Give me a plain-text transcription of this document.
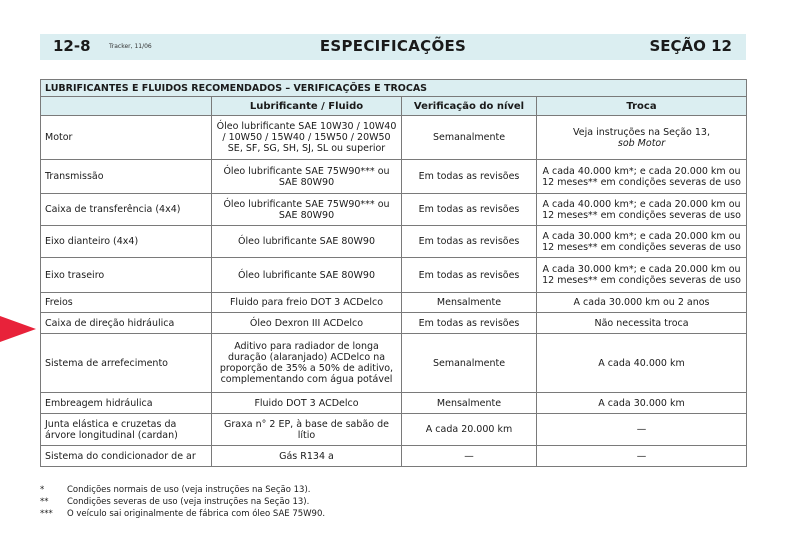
12-8	Tracker, 11/06	ESPECIFICAÇÕES	SEÇÃO 12
LUBRIFICANTES E FLUIDOS RECOMENDADOS – VERIFICAÇÕES E TROCAS			
	Lubrificante / Fluido	Verificação do nível	Troca
Motor	Óleo lubrificante SAE 10W30 / 10W40 / 10W50 / 15W40 / 15W50 / 20W50 SE, SF, SG, SH, SJ, SL ou superior	Semanalmente	Veja instruções na Seção 13,
sob Motor
Transmissão	Óleo lubrificante SAE 75W90*** ou SAE 80W90	Em todas as revisões	A cada 40.000 km*; e cada 20.000 km ou 12 meses** em condições severas de uso
Caixa de transferência (4x4)	Óleo lubrificante SAE 75W90*** ou SAE 80W90	Em todas as revisões	A cada 40.000 km*; e cada 20.000 km ou 12 meses** em condições severas de uso
Eixo dianteiro (4x4)	Óleo lubrificante SAE 80W90	Em todas as revisões	A cada 30.000 km*; e cada 20.000 km ou 12 meses** em condições severas de uso
Eixo traseiro	Óleo lubrificante SAE 80W90	Em todas as revisões	A cada 30.000 km*; e cada 20.000 km ou 12 meses** em condições severas de uso
Freios	Fluido para freio DOT 3 ACDelco	Mensalmente	A cada 30.000 km ou 2 anos
Caixa de direção hidráulica	Óleo Dexron III ACDelco	Em todas as revisões	Não necessita troca
Sistema de arrefecimento	Aditivo para radiador de longa duração (alaranjado) ACDelco na proporção de 35% a 50% de aditivo, complementando com água potável	Semanalmente	A cada 40.000 km
Embreagem hidráulica	Fluido DOT 3 ACDelco	Mensalmente	A cada 30.000 km
Junta elástica e cruzetas da árvore longitudinal (cardan)	Graxa n° 2 EP, à base de sabão de lítio	A cada 20.000 km	—
Sistema do condicionador de ar	Gás R134 a	—	—
*	Condições normais de uso (veja instruções na Seção 13).
**	Condições severas de uso (veja instruções na Seção 13).
***	O veículo sai originalmente de fábrica com óleo SAE 75W90.
